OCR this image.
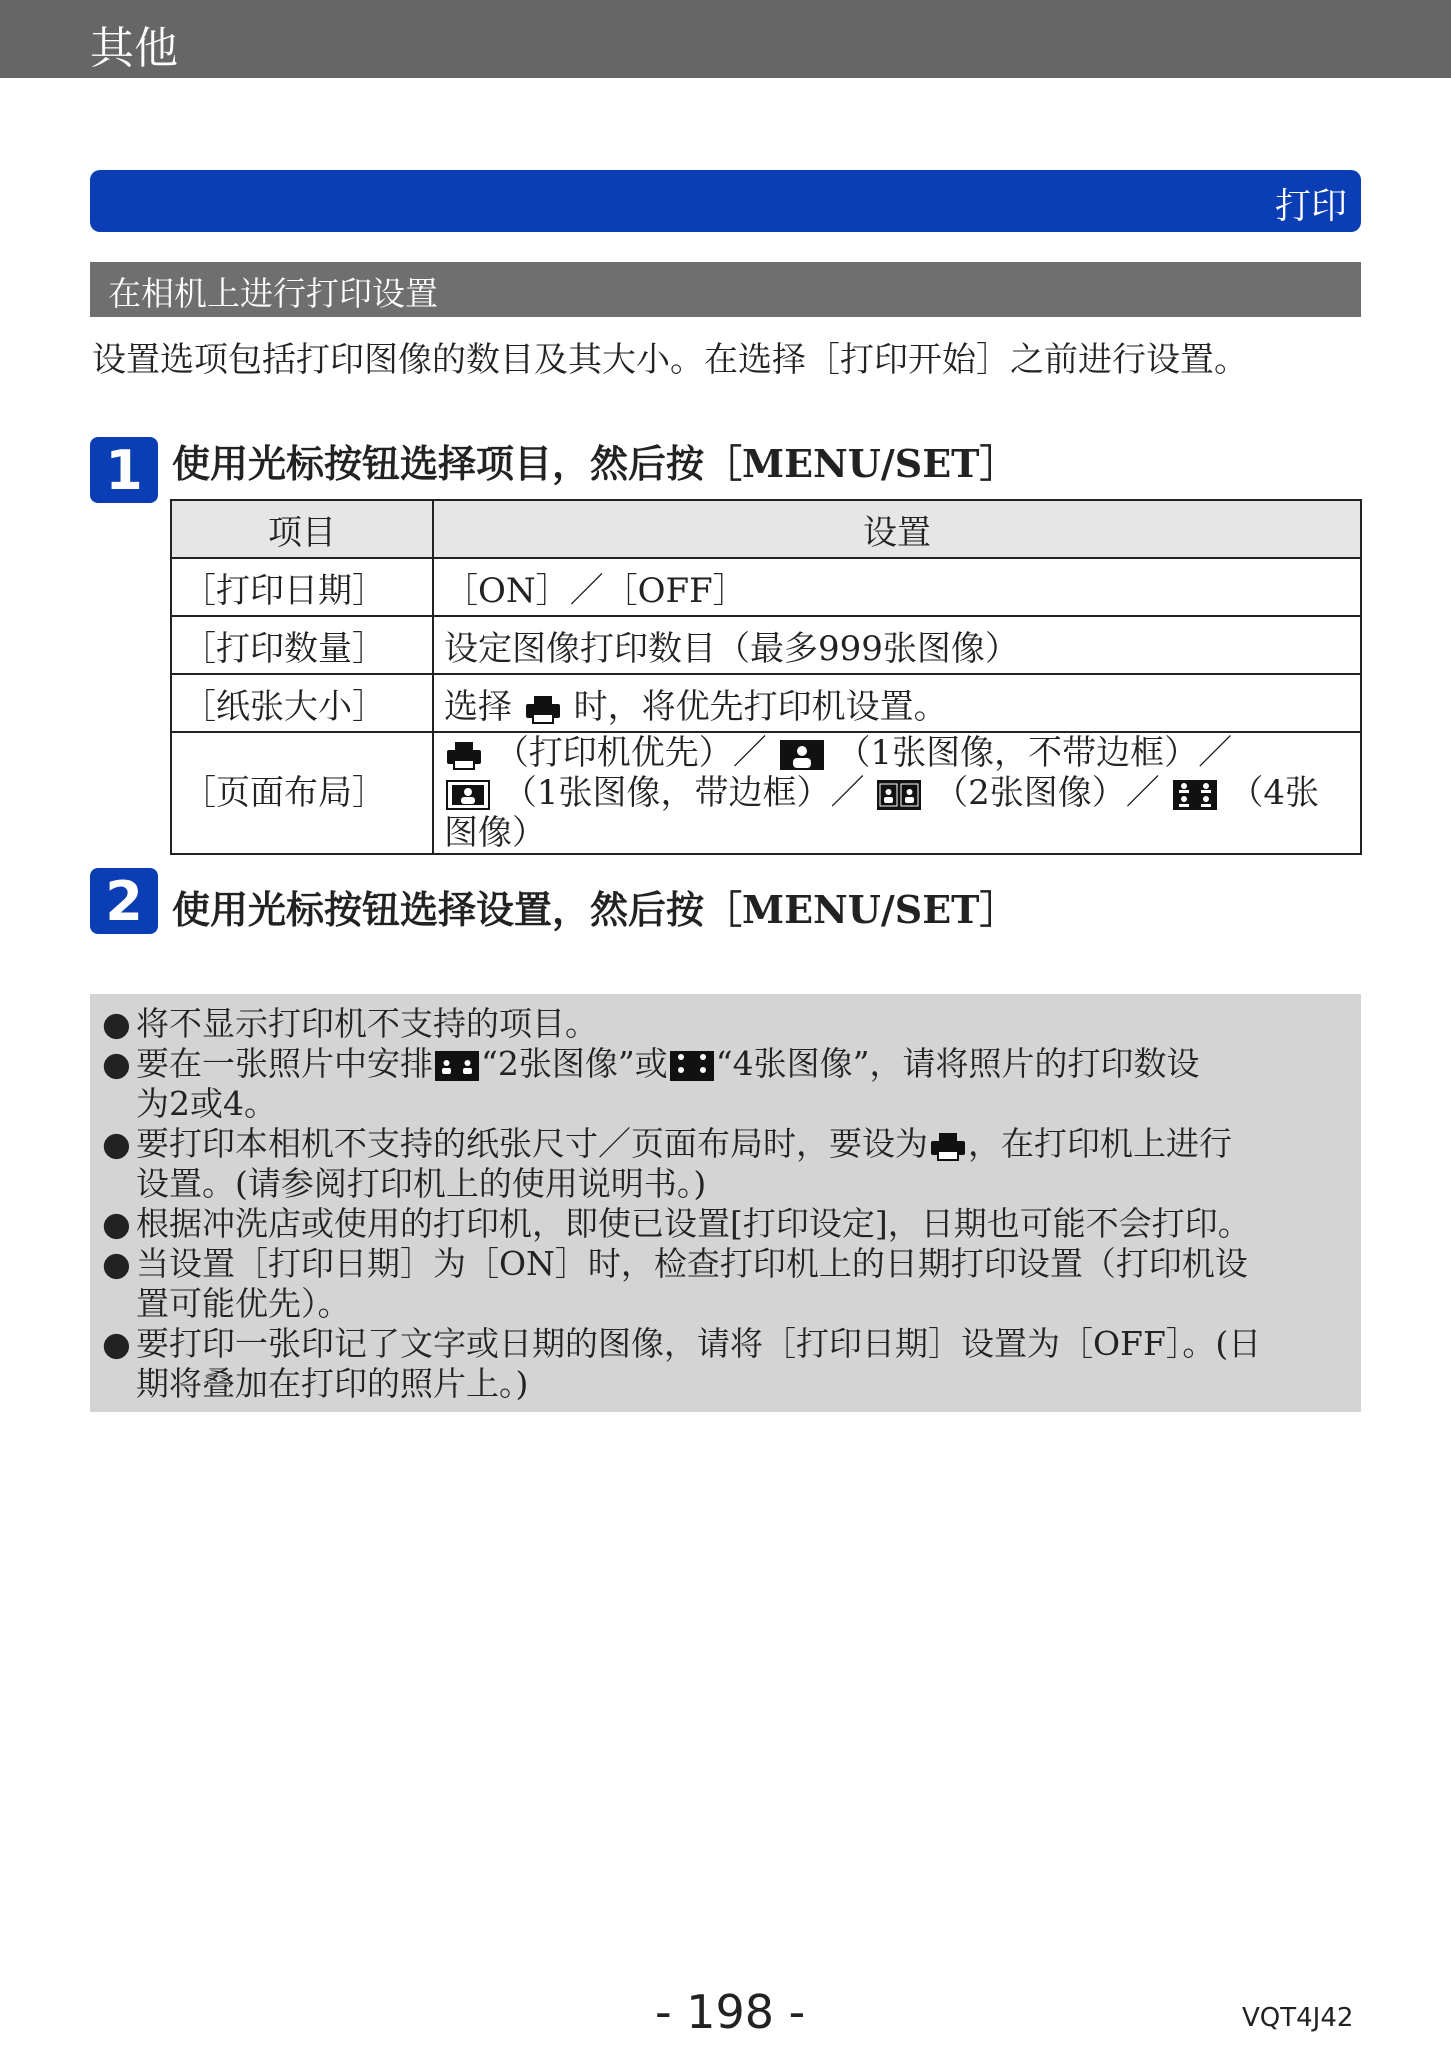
其他
打印
在相机上进行打印设置
设置选项包括打印图像的数目及其大小。在选择［打印开始］之前进行设置。
1 使用光标按钮选择项目，然后按［MENU/SET］
项目	设置
［打印日期］	［ON］／［OFF］
［打印数量］	设定图像打印数目（最多999张图像）
［纸张大小］	选择 时，将优先打印机设置。
［页面布局］	（打印机优先）／ （1张图像，不带边框）／
（1张图像，带边框）／ （2张图像）／ （4张图像）
2 使用光标按钮选择设置，然后按［MENU/SET］
● 将不显示打印机不支持的项目。
● 要在一张照片中安排 “2张图像”或 “4张图像”，请将照片的打印数设
为2或4。
● 要打印本相机不支持的纸张尺寸／页面布局时，要设为 ，在打印机上进行
设置。(请参阅打印机上的使用说明书。)
● 根据冲洗店或使用的打印机，即使已设置[打印设定]，日期也可能不会打印。
● 当设置［打印日期］为［ON］时，检查打印机上的日期打印设置（打印机设
置可能优先）。
● 要打印一张印记了文字或日期的图像，请将［打印日期］设置为［OFF］。(日
期将叠加在打印的照片上。)
- 198 -	VQT4J42
